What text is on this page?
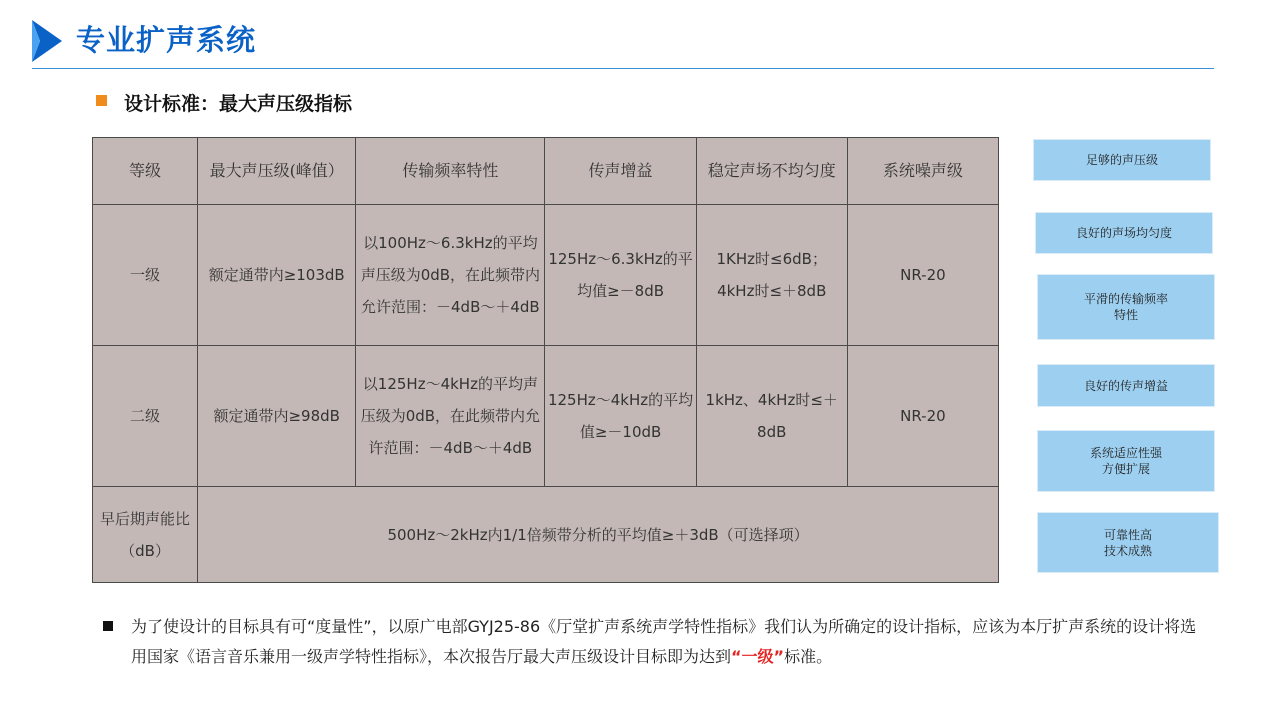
专业扩声系统
设计标准：最大声压级指标
等级	最大声压级(峰值）	传输频率特性	传声增益	稳定声场不均匀度	系统噪声级
一级	额定通带内≥103dB	以100Hz～6.3kHz的平均声压级为0dB，在此频带内允许范围：－4dB～＋4dB	125Hz～6.3kHz的平均值≥－8dB	1KHz时≤6dB；4kHz时≤＋8dB	NR-20
二级	额定通带内≥98dB	以125Hz～4kHz的平均声压级为0dB，在此频带内允许范围：－4dB～＋4dB	125Hz～4kHz的平均值≥－10dB	1kHz、4kHz时≤＋8dB	NR-20
早后期声能比（dB）	500Hz～2kHz内1/1倍频带分析的平均值≥＋3dB（可选择项）				
足够的声压级
良好的声场均匀度
平滑的传输频率
特性
良好的传声增益
系统适应性强
方便扩展
可靠性高
技术成熟
为了使设计的目标具有可“度量性”，以原广电部GYJ25-86《厅堂扩声系统声学特性指标》我们认为所确定的设计指标，应该为本厅扩声系统的设计将选用国家《语言音乐兼用一级声学特性指标》，本次报告厅最大声压级设计目标即为达到“一级”标准。
